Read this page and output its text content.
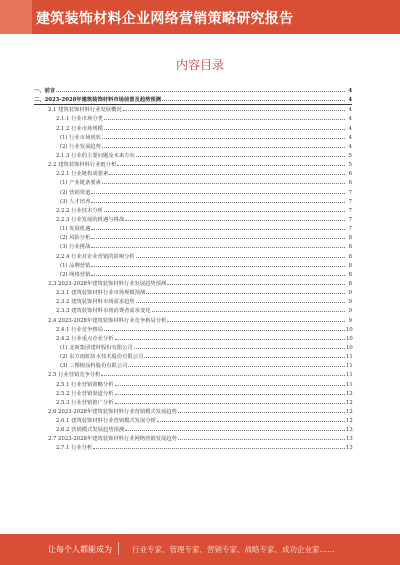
建筑装饰材料企业网络营销策略研究报告
内容目录
一、前言	4
二、2023-2028年建筑装饰材料市场前景及趋势预测	4
2.1 建筑装饰材料行业发展概况	4
2.1.1 行业市场分类	4
2.1.2 行业市场规模	4
(1) 行业市场现状	4
(2) 行业发展趋势	4
2.1.3 行业的主要问题及未来方向	5
2.2 建筑装饰材料行业链分析	5
2.2.1 行业链构成要素	6
(1) 产业链条要素	6
(2) 营销渠道	7
(3) 人才培养	7
2.2.2 行业技术分析	7
2.2.3 行业发展的机遇与挑战	7
(1) 发展机遇	7
(2) 风险分析	8
(3) 行业挑战	8
2.2.4 行业对企业营销的影响分析	8
(1) 品牌营销	8
(2) 网络营销	8
2.3 2023-2028年建筑装饰材料行业发展趋势预测	8
2.3.1 建筑装饰材料行业市场规模预测	9
2.3.2 建筑装饰材料市场需求趋势	9
2.3.3 建筑装饰材料市场消费者需求变化	9
2.4 2023-2028年建筑装饰材料行业竞争格局分析	9
2.4.1 行业竞争格局	10
2.4.2 行业重点企业分析	10
(1) 北新集团建材股份有限公司	10
(2) 东方雨虹防水技术股份有限公司	11
(3) 三棵树涂料股份有限公司	11
2.5 行业营销竞争分析	11
2.5.1 行业营销策略分析	11
2.5.2 行业营销渠道分析	12
2.5.3 行业营销推广分析	12
2.6 2023-2028年建筑装饰材料行业营销模式发展趋势	12
2.6.1 建筑装饰材料行业营销模式发展分析	12
2.6.2 营销模式发展趋势预测	13
2.7 2023-2028年建筑装饰材料行业网络营销发展趋势	13
2.7.1 行业分析	13
让每个人都能成为	行业专家、管理专家、营销专家、战略专家、成功企业家……
